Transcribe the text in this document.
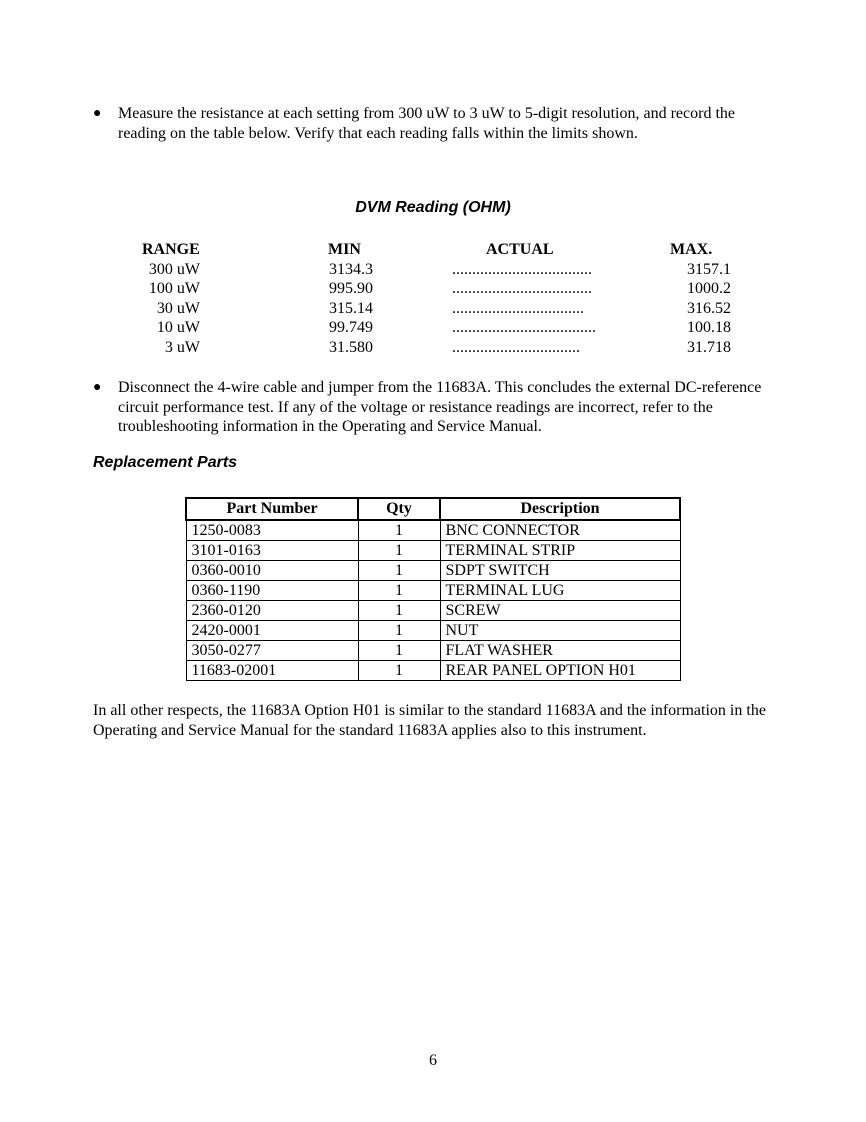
● Measure the resistance at each setting from 300 uW to 3 uW to 5-digit resolution, and record the reading on the table below. Verify that each reading falls within the limits shown.
DVM Reading (OHM)
RANGE	MIN	ACTUAL	MAX.
300 uW	3134.3	...................................	3157.1
100 uW	995.90	...................................	1000.2
30 uW	315.14	.................................	316.52
10 uW	99.749	....................................	100.18
3 uW	31.580	................................	31.718
● Disconnect the 4-wire cable and jumper from the 11683A. This concludes the external DC-reference circuit performance test. If any of the voltage or resistance readings are incorrect, refer to the troubleshooting information in the Operating and Service Manual.
Replacement Parts
Part Number	Qty	Description
1250-0083	1	BNC CONNECTOR
3101-0163	1	TERMINAL STRIP
0360-0010	1	SDPT SWITCH
0360-1190	1	TERMINAL LUG
2360-0120	1	SCREW
2420-0001	1	NUT
3050-0277	1	FLAT WASHER
11683-02001	1	REAR PANEL OPTION H01
In all other respects, the 11683A Option H01 is similar to the standard 11683A and the information in the Operating and Service Manual for the standard 11683A applies also to this instrument.
6
